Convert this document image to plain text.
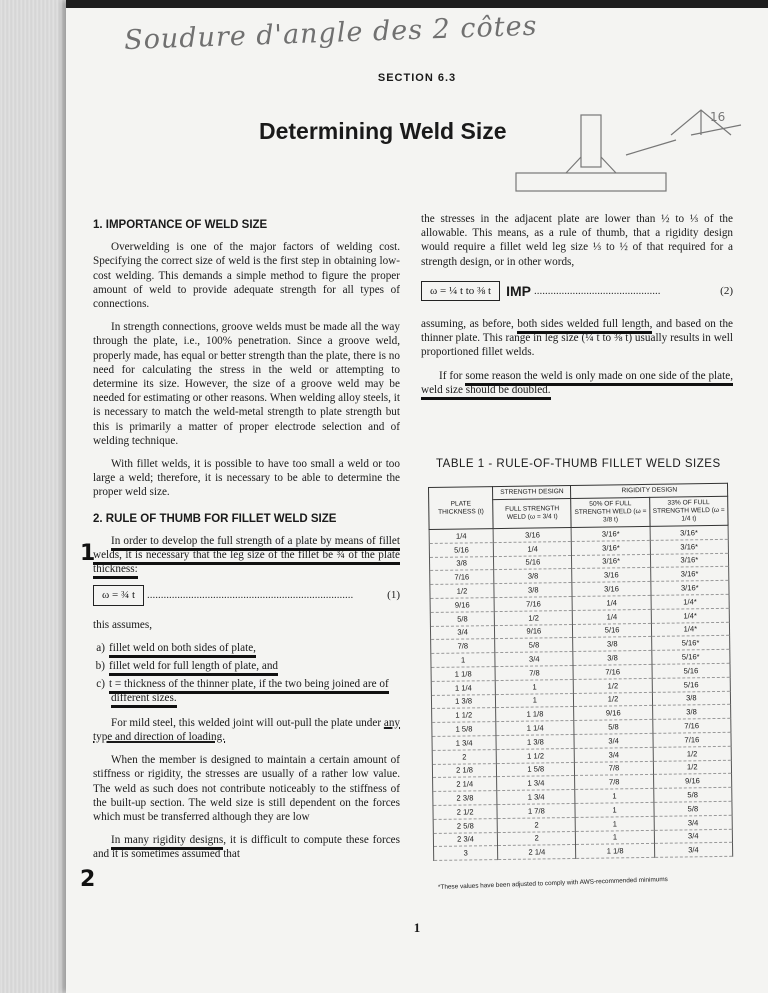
Soudure d'angle des 2 côtes
SECTION 6.3
Determining Weld Size
16
1. IMPORTANCE OF WELD SIZE

Overwelding is one of the major factors of welding cost. Specifying the correct size of weld is the first step in obtaining low-cost welding. This demands a simple method to figure the proper amount of weld to provide adequate strength for all types of connections.

In strength connections, groove welds must be made all the way through the plate, i.e., 100% penetration. Since a groove weld, properly made, has equal or better strength than the plate, there is no need for calculating the stress in the weld or attempting to determine its size. However, the size of a groove weld may be needed for estimating or other reasons. When welding alloy steels, it is necessary to match the weld-metal strength to plate strength but this is primarily a matter of proper electrode selection and of welding technique.

With fillet welds, it is possible to have too small a weld or too large a weld; therefore, it is necessary to be able to determine the proper weld size.

2. RULE OF THUMB FOR FILLET WELD SIZE

In order to develop the full strength of a plate by means of fillet welds, it is necessary that the leg size of the fillet be ¾ of the plate thickness:

ω = ¾ t	...........................................................................	(1)

this assumes,

a) fillet weld on both sides of plate,
b) fillet weld for full length of plate, and
c) t = thickness of the thinner plate, if the two being joined are of different sizes.

For mild steel, this welded joint will out-pull the plate under any type and direction of loading.

When the member is designed to maintain a certain amount of stiffness or rigidity, the stresses are usually of a rather low value. The weld as such does not contribute noticeably to the stiffness of the built-up section. The weld size is still dependent on the forces which must be transferred although they are low

In many rigidity designs, it is difficult to compute these forces and it is sometimes assumed that

1
2

the stresses in the adjacent plate are lower than ½ to ⅓ of the allowable. This means, as a rule of thumb, that a rigidity design would require a fillet weld leg size ⅓ to ½ of that required for a strength design, or in other words,

ω = ¼ t to ⅜ t	IMP ..............................................	(2)

assuming, as before, both sides welded full length, and based on the thinner plate. This range in leg size (¼ t to ⅜ t) usually results in well proportioned fillet welds.

If for some reason the weld is only made on one side of the plate, weld size should be doubled.

TABLE 1 - RULE-OF-THUMB FILLET WELD SIZES
PLATE THICKNESS (t)	STRENGTH DESIGN	RIGIDITY DESIGN	
	FULL STRENGTH WELD (ω = 3/4 t)	50% OF FULL STRENGTH WELD (ω = 3/8 t)	33% OF FULL STRENGTH WELD (ω = 1/4 t)
1/4	3/16	3/16*	3/16*
5/16	1/4	3/16*	3/16*
3/8	5/16	3/16*	3/16*
7/16	3/8	3/16	3/16*
1/2	3/8	3/16	3/16*
9/16	7/16	1/4	1/4*
5/8	1/2	1/4	1/4*
3/4	9/16	5/16	1/4*
7/8	5/8	3/8	5/16*
1	3/4	3/8	5/16*
1 1/8	7/8	7/16	5/16
1 1/4	1	1/2	5/16
1 3/8	1	1/2	3/8
1 1/2	1 1/8	9/16	3/8
1 5/8	1 1/4	5/8	7/16
1 3/4	1 3/8	3/4	7/16
2	1 1/2	3/4	1/2
2 1/8	1 5/8	7/8	1/2
2 1/4	1 3/4	7/8	9/16
2 3/8	1 3/4	1	5/8
2 1/2	1 7/8	1	5/8
2 5/8	2	1	3/4
2 3/4	2	1	3/4
3	2 1/4	1 1/8	3/4
*These values have been adjusted to comply with AWS-recommended minimums
1
